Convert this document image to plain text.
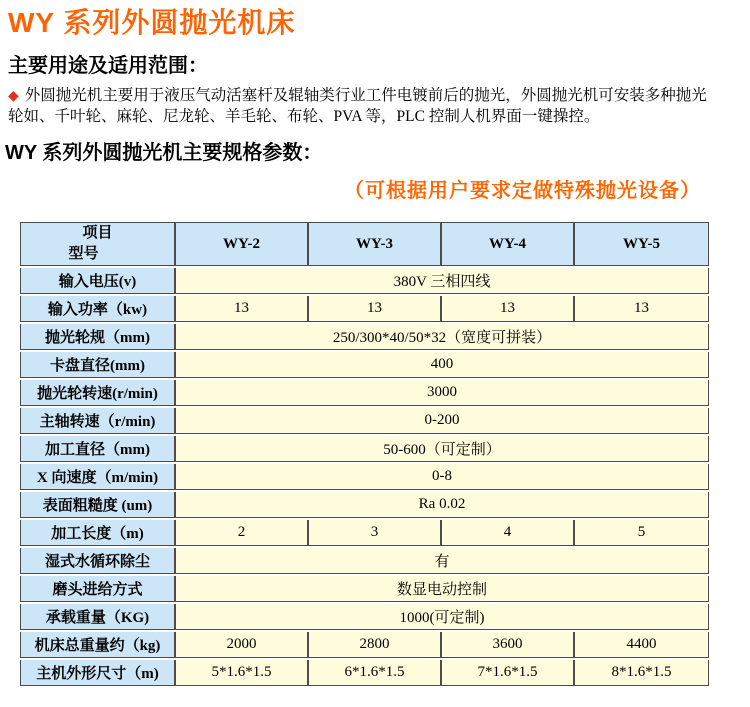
WY 系列外圆抛光机床
主要用途及适用范围：
◆ 外圆抛光机主要用于液压气动活塞杆及辊轴类行业工件电镀前后的抛光，外圆抛光机可安装多种抛光
轮如、千叶轮、麻轮、尼龙轮、羊毛轮、布轮、PVA 等，PLC 控制人机界面一键操控。
WY 系列外圆抛光机主要规格参数：
（可根据用户要求定做特殊抛光设备）
项目
型号	WY-2	WY-3	WY-4	WY-5
输入电压(v)	380V 三相四线			
输入功率（kw)	13	13	13	13
抛光轮规（mm)	250/300*40/50*32（宽度可拼装）			
卡盘直径(mm)	400			
抛光轮转速(r/min)	3000			
主轴转速（r/min)	0-200			
加工直径（mm)	50-600（可定制）			
X 向速度（m/min)	0-8			
表面粗糙度 (um)	Ra 0.02			
加工长度（m)	2	3	4	5
湿式水循环除尘	有			
磨头进给方式	数显电动控制			
承载重量（KG)	1000(可定制)			
机床总重量约（kg)	2000	2800	3600	4400
主机外形尺寸（m)	5*1.6*1.5	6*1.6*1.5	7*1.6*1.5	8*1.6*1.5
